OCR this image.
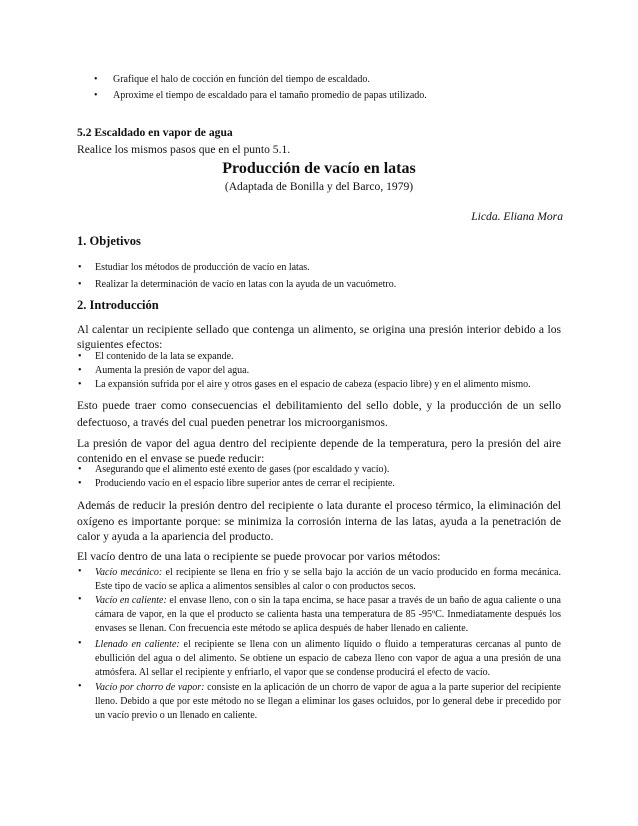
• Grafique el halo de cocción en función del tiempo de escaldado.
• Aproxime el tiempo de escaldado para el tamaño promedio de papas utilizado.
5.2 Escaldado en vapor de agua
Realice los mismos pasos que en el punto 5.1.
Producción de vacío en latas
(Adaptada de Bonilla y del Barco, 1979)
Licda. Eliana Mora
1. Objetivos
• Estudiar los métodos de producción de vacío en latas.
• Realizar la determinación de vacío en latas con la ayuda de un vacuómetro.
2. Introducción
Al calentar un recipiente sellado que contenga un alimento, se origina una presión interior debido a los siguientes efectos:
• El contenido de la lata se expande.
• Aumenta la presión de vapor del agua.
• La expansión sufrida por el aire y otros gases en el espacio de cabeza (espacio libre) y en el alimento mismo.
Esto puede traer como consecuencias el debilitamiento del sello doble, y la producción de un sello defectuoso, a través del cual pueden penetrar los microorganismos.
La presión de vapor del agua dentro del recipiente depende de la temperatura, pero la presión del aire contenido en el envase se puede reducir:
• Asegurando que el alimento esté exento de gases (por escaldado y vacío).
• Produciendo vacío en el espacio libre superior antes de cerrar el recipiente.
Además de reducir la presión dentro del recipiente o lata durante el proceso térmico, la eliminación del oxígeno es importante porque: se minimiza la corrosión interna de las latas, ayuda a la penetración de calor y ayuda a la apariencia del producto.
El vacío dentro de una lata o recipiente se puede provocar por varios métodos:
• Vacío mecánico: el recipiente se llena en frío y se sella bajo la acción de un vacío producido en forma mecánica. Este tipo de vacío se aplica a alimentos sensibles al calor o con productos secos.
• Vacío en caliente: el envase lleno, con o sin la tapa encima, se hace pasar a través de un baño de agua caliente o una cámara de vapor, en la que el producto se calienta hasta una temperatura de 85 -95ºC. Inmediatamente después los envases se llenan. Con frecuencia este método se aplica después de haber llenado en caliente.
• Llenado en caliente: el recipiente se llena con un alimento líquido o fluido a temperaturas cercanas al punto de ebullición del agua o del alimento. Se obtiene un espacio de cabeza lleno con vapor de agua a una presión de una atmósfera. Al sellar el recipiente y enfriarlo, el vapor que se condense producirá el efecto de vacío.
• Vacío por chorro de vapor: consiste en la aplicación de un chorro de vapor de agua a la parte superior del recipiente lleno. Debido a que por este método no se llegan a eliminar los gases ocluidos, por lo general debe ir precedido por un vacío previo o un llenado en caliente.
